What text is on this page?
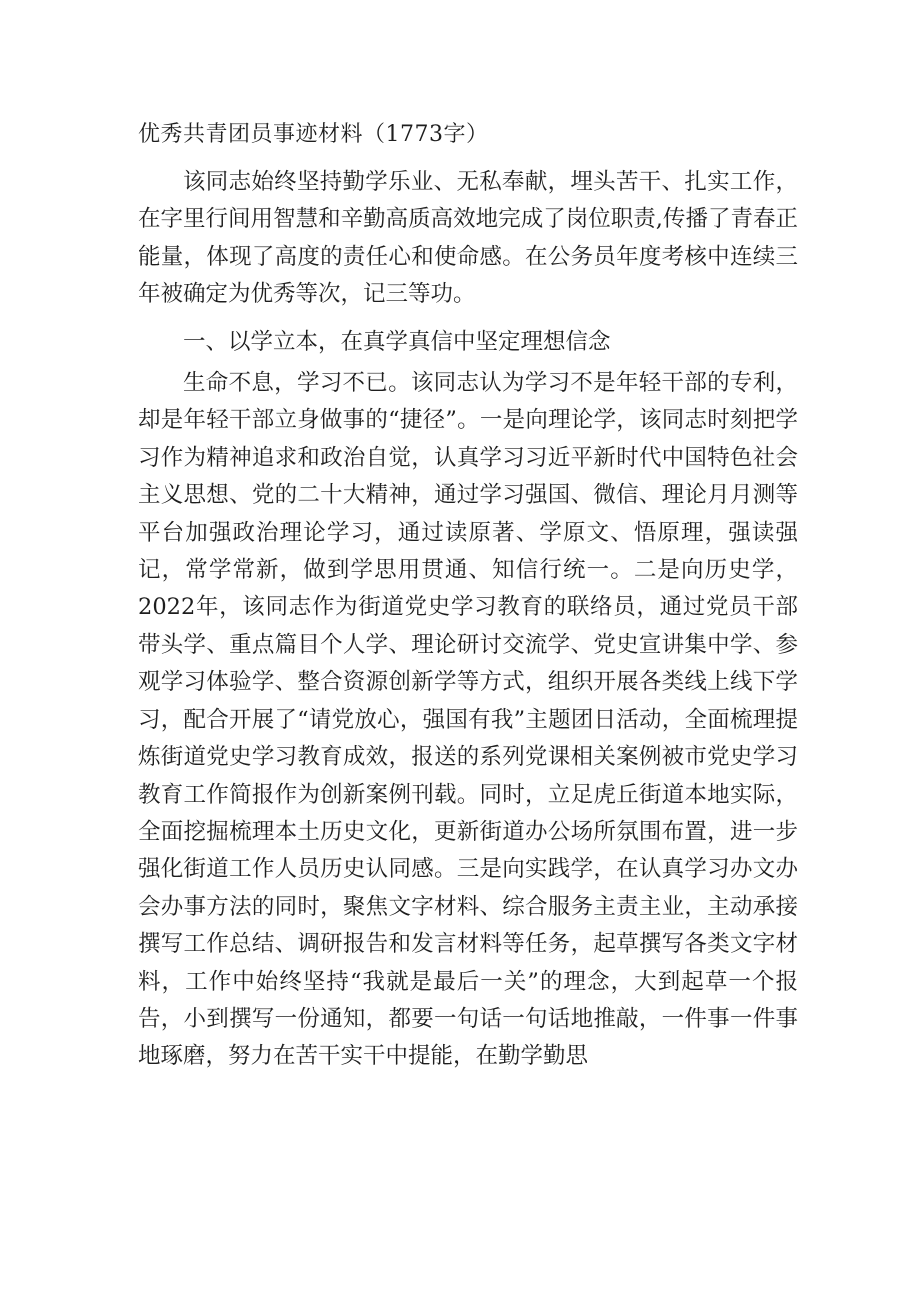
优秀共青团员事迹材料（1773字）

该同志始终坚持勤学乐业、无私奉献，埋头苦干、扎实工作，在字里行间用智慧和辛勤高质高效地完成了岗位职责,传播了青春正能量，体现了高度的责任心和使命感。在公务员年度考核中连续三年被确定为优秀等次，记三等功。

一、以学立本，在真学真信中坚定理想信念

生命不息，学习不已。该同志认为学习不是年轻干部的专利，却是年轻干部立身做事的“捷径”。一是向理论学，该同志时刻把学习作为精神追求和政治自觉，认真学习习近平新时代中国特色社会主义思想、党的二十大精神，通过学习强国、微信、理论月月测等平台加强政治理论学习，通过读原著、学原文、悟原理，强读强记，常学常新，做到学思用贯通、知信行统一。二是向历史学，2022年，该同志作为街道党史学习教育的联络员，通过党员干部带头学、重点篇目个人学、理论研讨交流学、党史宣讲集中学、参观学习体验学、整合资源创新学等方式，组织开展各类线上线下学习，配合开展了“请党放心，强国有我”主题团日活动，全面梳理提炼街道党史学习教育成效，报送的系列党课相关案例被市党史学习教育工作简报作为创新案例刊载。同时，立足虎丘街道本地实际，全面挖掘梳理本土历史文化，更新街道办公场所氛围布置，进一步强化街道工作人员历史认同感。三是向实践学，在认真学习办文办会办事方法的同时，聚焦文字材料、综合服务主责主业，主动承接撰写工作总结、调研报告和发言材料等任务，起草撰写各类文字材料，工作中始终坚持“我就是最后一关”的理念，大到起草一个报告，小到撰写一份通知，都要一句话一句话地推敲，一件事一件事地琢磨，努力在苦干实干中提能，在勤学勤思
